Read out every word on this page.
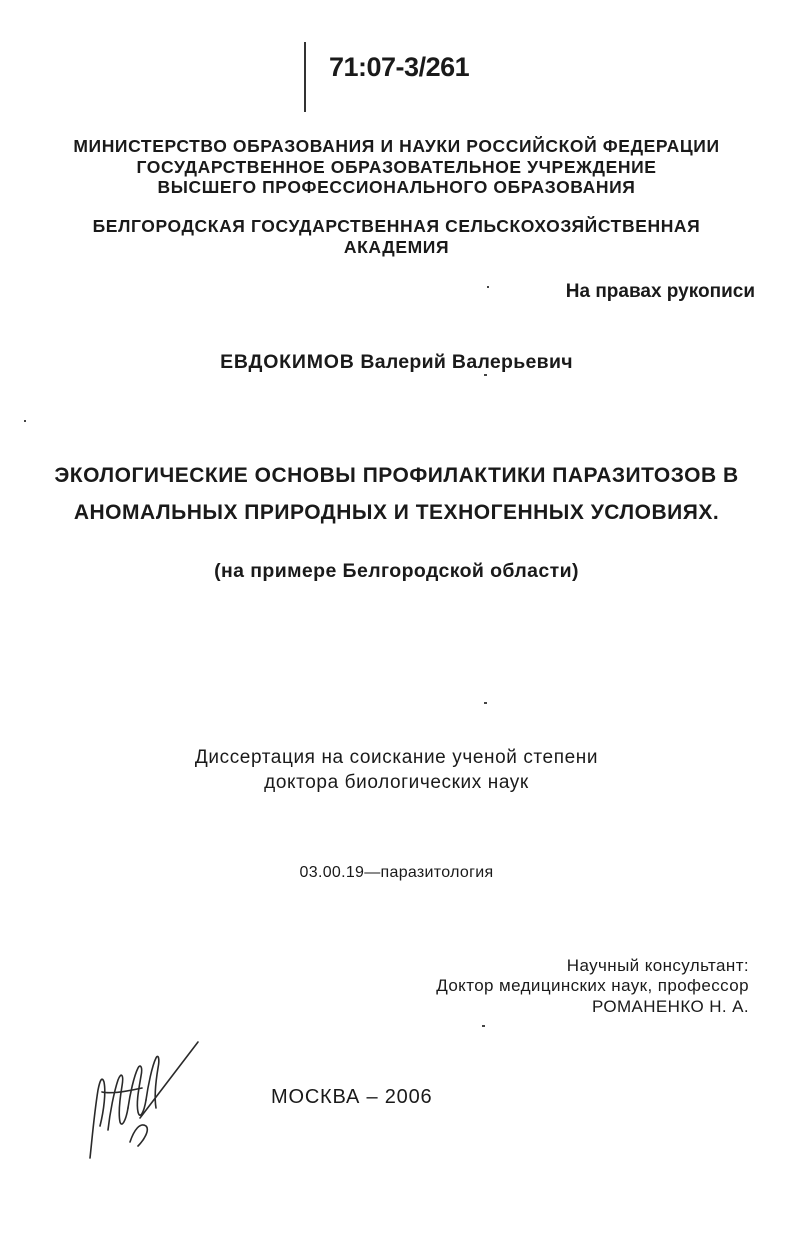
71:07-3/261
МИНИСТЕРСТВО ОБРАЗОВАНИЯ И НАУКИ РОССИЙСКОЙ ФЕДЕРАЦИИ
ГОСУДАРСТВЕННОЕ ОБРАЗОВАТЕЛЬНОЕ УЧРЕЖДЕНИЕ
ВЫСШЕГО ПРОФЕССИОНАЛЬНОГО ОБРАЗОВАНИЯ
БЕЛГОРОДСКАЯ ГОСУДАРСТВЕННАЯ СЕЛЬСКОХОЗЯЙСТВЕННАЯ
АКАДЕМИЯ
На правах рукописи
ЕВДОКИМОВ Валерий Валерьевич
ЭКОЛОГИЧЕСКИЕ ОСНОВЫ ПРОФИЛАКТИКИ ПАРАЗИТОЗОВ В
АНОМАЛЬНЫХ ПРИРОДНЫХ И ТЕХНОГЕННЫХ УСЛОВИЯХ.
(на примере Белгородской области)
Диссертация на соискание ученой степени
доктора биологических наук
03.00.19—паразитология
Научный консультант:
Доктор медицинских наук, профессор
РОМАНЕНКО Н. А.
МОСКВА – 2006
